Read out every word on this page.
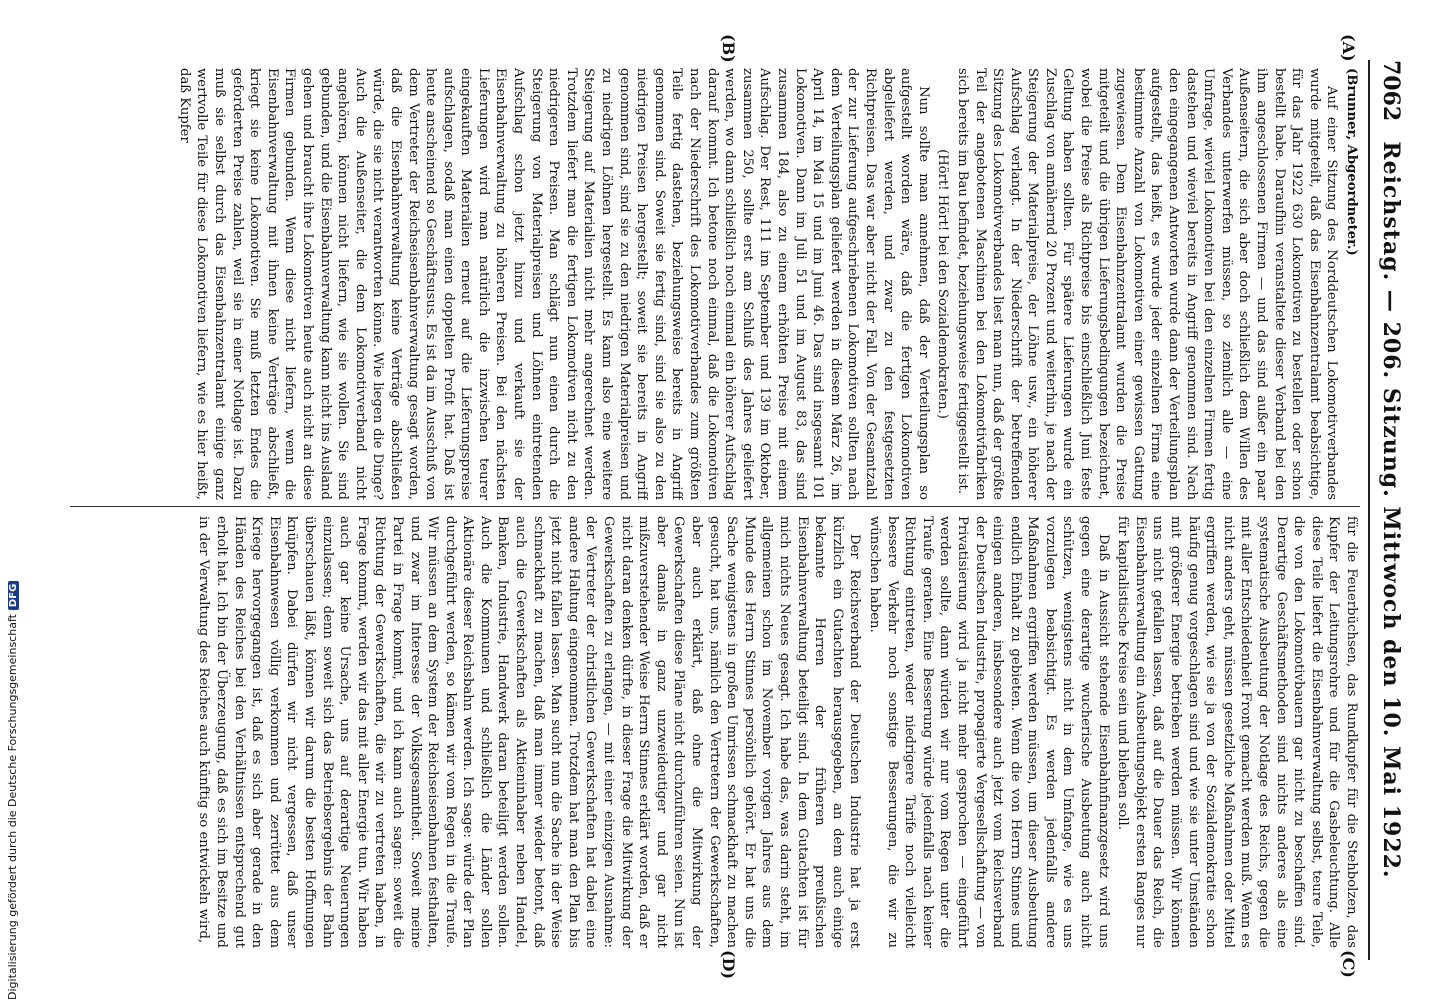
7062
Reichstag. — 206. Sitzung. Mittwoch den 10. Mai 1922.
(A)
(B)
(C)
(D)

(Brunner, Abgeordneter.)

Auf einer Sitzung des Norddeutschen Lokomotivverbandes wurde mitgeteilt, daß das Eisenbahnzentralamt beabsichtige, für das Jahr 1922 630 Lokomotiven zu bestellen oder schon bestellt habe. Daraufhin veranstaltete dieser Verband bei den ihm angeschlossenen Firmen — und das sind außer ein paar Außenseitern, die sich aber doch schließlich dem Willen des Verbandes unterwerfen müssen, so ziemlich alle — eine Umfrage, wieviel Lokomotiven bei den einzelnen Firmen fertig dastehen und wieviel bereits in Angriff genommen sind. Nach den eingegangenen Antworten wurde dann der Verteilungsplan aufgestellt, das heißt, es wurde jeder einzelnen Firma eine bestimmte Anzahl von Lokomotiven einer gewissen Gattung zugewiesen. Dem Eisenbahnzentralamt wurden die Preise mitgeteilt und die übrigen Lieferungsbedingungen bezeichnet, wobei die Preise als Richtpreise bis einschließlich Juni feste Geltung haben sollten. Für spätere Lieferungen wurde ein Zuschlag von annähernd 20 Prozent und weiterhin, je nach der Steigerung der Materialpreise, der Löhne usw., ein höherer Aufschlag verlangt. In der Niederschrift der betreffenden Sitzung des Lokomotivverbandes liest man nun, daß der größte Teil der angebotenen Maschinen bei den Lokomotivfabriken sich bereits im Bau befindet, beziehungsweise fertiggestellt ist.

(Hört! Hört! bei den Sozialdemokraten.)

Nun sollte man annehmen, daß der Verteilungsplan so aufgestellt worden wäre, daß die fertigen Lokomotiven abgeliefert werden, und zwar zu den festgesetzten Richtpreisen. Das war aber nicht der Fall. Von der Gesamtzahl der zur Lieferung aufgeschriebenen Lokomotiven sollten nach dem Verteilungsplan geliefert werden in diesem März 26, im April 14, im Mai 15 und im Juni 46. Das sind insgesamt 101 Lokomotiven. Dann im Juli 51 und im August 83, das sind zusammen 184, also zu einem erhöhten Preise mit einem Aufschlag. Der Rest, 111 im September und 139 im Oktober, zusammen 250, sollte erst am Schluß des Jahres geliefert werden, wo dann schließlich noch einmal ein höherer Aufschlag darauf kommt. Ich betone noch einmal, daß die Lokomotiven nach der Niederschrift des Lokomotivverbandes zum größten Teile fertig dastehen, beziehungsweise bereits in Angriff genommen sind. Soweit sie fertig sind, sind sie also zu den niedrigen Preisen hergestellt; soweit sie bereits in Angriff genommen sind, sind sie zu den niedrigen Materialpreisen und zu niedrigen Löhnen hergestellt. Es kann also eine weitere Steigerung auf Materialien nicht mehr angerechnet werden. Trotzdem liefert man die fertigen Lokomotiven nicht zu den niedrigeren Preisen. Man schlägt nun einen durch die Steigerung von Materialpreisen und Löhnen eintretenden Aufschlag schon jetzt hinzu und verkauft sie der Eisenbahnverwaltung zu höheren Preisen. Bei den nächsten Lieferungen wird man natürlich die inzwischen teurer eingekauften Materialien erneut auf die Lieferungspreise aufschlagen, sodaß man einen doppelten Profit hat. Daß ist heute anscheinend so Geschäftsusus. Es ist da im Ausschuß von dem Vertreter der Reichseisenbahnverwaltung gesagt worden, daß die Eisenbahnverwaltung keine Verträge abschließen würde, die sie nicht verantworten könne. Wie liegen die Dinge? Auch die Außenseiter, die dem Lokomotivverband nicht angehören, können nicht liefern, wie sie wollen. Sie sind gebunden, und die Eisenbahnverwaltung kann nicht ins Ausland gehen und braucht ihre Lokomotiven heute auch nicht an diese Firmen gebunden. Wenn diese nicht liefern, wenn die Eisenbahnverwaltung mit ihnen keine Verträge abschließt, kriegt sie keine Lokomotiven. Sie muß letzten Endes die geforderten Preise zahlen, weil sie in einer Notlage ist. Dazu muß sie selbst durch das Eisenbahnzentralamt einige ganz wertvolle Teile für diese Lokomotiven liefern, wie es hier heißt, daß Kupfer

für die Feuerbüchsen, das Rundkupfer für die Stehbolzen, das Kupfer der Leitungsrohre und für die Gasbeleuchtung. Alle diese Teile liefert die Eisenbahnverwaltung selbst, teure Teile, die von den Lokomotivbauern gar nicht zu beschaffen sind. Derartige Geschäftsmethoden sind nichts anderes als eine systematische Ausbeutung der Notlage des Reichs, gegen die mit aller Entschiedenheit Front gemacht werden muß. Wenn es nicht anders geht, müssen gesetzliche Maßnahmen oder Mittel ergriffen werden, wie sie ja von der Sozialdemokratie schon häufig genug vorgeschlagen sind und wie sie unter Umständen mit größerer Energie betrieben werden müssen. Wir können uns nicht gefallen lassen, daß auf die Dauer das Reich, die Eisenbahnverwaltung ein Ausbeutungsobjekt ersten Ranges nur für kapitalistische Kreise sein und bleiben soll.

Daß in Aussicht stehende Eisenbahnfinanzgesetz wird uns gegen eine derartige wucherische Ausbeutung auch nicht schützen, wenigstens nicht in dem Umfange, wie es uns vorzulegen beabsichtigt. Es werden jedenfalls andere Maßnahmen ergriffen werden müssen, um dieser Ausbeutung endlich Einhalt zu gebieten. Wenn die von Herrn Stinnes und einigen anderen, insbesondere auch jetzt vom Reichsverband der Deutschen Industrie, propagierte Vergesellschaftung — von Privatisierung wird ja nicht mehr gesprochen — eingeführt werden sollte, dann würden wir nur vom Regen unter die Traufe geraten. Eine Besserung würde jedenfalls nach keiner Richtung eintreten, weder niedrigere Tarife noch vielleicht bessere Verkehr noch sonstige Besserungen, die wir zu wünschen haben.

Der Reichsverband der Deutschen Industrie hat ja erst kürzlich ein Gutachten herausgegeben, an dem auch einige bekannte Herren der früheren preußischen Eisenbahnverwaltung beteiligt sind. In dem Gutachten ist für mich nichts Neues gesagt. Ich habe das, was darin steht, im allgemeinen schon im November vorigen Jahres aus dem Munde des Herrn Stinnes persönlich gehört. Er hat uns die Sache wenigstens in großen Umrissen schmackhaft zu machen gesucht, hat uns, nämlich den Vertretern der Gewerkschaften, aber auch erklärt, daß ohne die Mitwirkung der Gewerkschaften diese Pläne nicht durchzuführen seien. Nun ist aber damals in ganz unzweideutiger und gar nicht mißzuverstehender Weise Herrn Stinnes erklärt worden, daß er nicht daran denken dürfte, in dieser Frage die Mitwirkung der Gewerkschaften zu erlangen, — mit einer einzigen Ausnahme: der Vertreter der christlichen Gewerkschaften hat dabei eine andere Haltung eingenommen. Trotzdem hat man den Plan bis jetzt nicht fallen lassen. Man sucht nun die Sache in der Weise schmackhaft zu machen, daß man immer wieder betont, daß auch die Gewerkschaften als Aktieninhaber neben Handel, Banken, Industrie, Handwerk daran beteiligt werden sollen. Auch die Kommunen und schließlich die Länder sollen Aktionäre dieser Reichsbahn werden. Ich sage: würde der Plan durchgeführt werden, so kämen wir vom Regen in die Traufe. Wir müssen an dem System der Reichseisenbahnen festhalten, und zwar im Interesse der Volksgesamtheit. Soweit meine Partei in Frage kommt, und ich kann auch sagen: soweit die Richtung der Gewerkschaften, die wir zu vertreten haben, in Frage kommt, werden wir das mit aller Energie tun. Wir haben auch gar keine Ursache, uns auf derartige Neuerungen einzulassen; denn soweit sich das Betriebsergebnis der Bahn überschauen läßt, können wir darum die besten Hoffnungen knüpfen. Dabei dürfen wir nicht vergessen, daß unser Eisenbahnwesen völlig verkommen und zerrüttet aus dem Kriege hervorgegangen ist, daß es sich aber gerade in den Händen des Reiches bei den Verhältnissen entsprechend gut erholt hat. Ich bin der Überzeugung, daß es sich im Besitze und in der Verwaltung des Reiches auch künftig so entwickeln wird,

Digitalisierung gefördert durch die Deutsche ForschungsgemeinschaftDFG
